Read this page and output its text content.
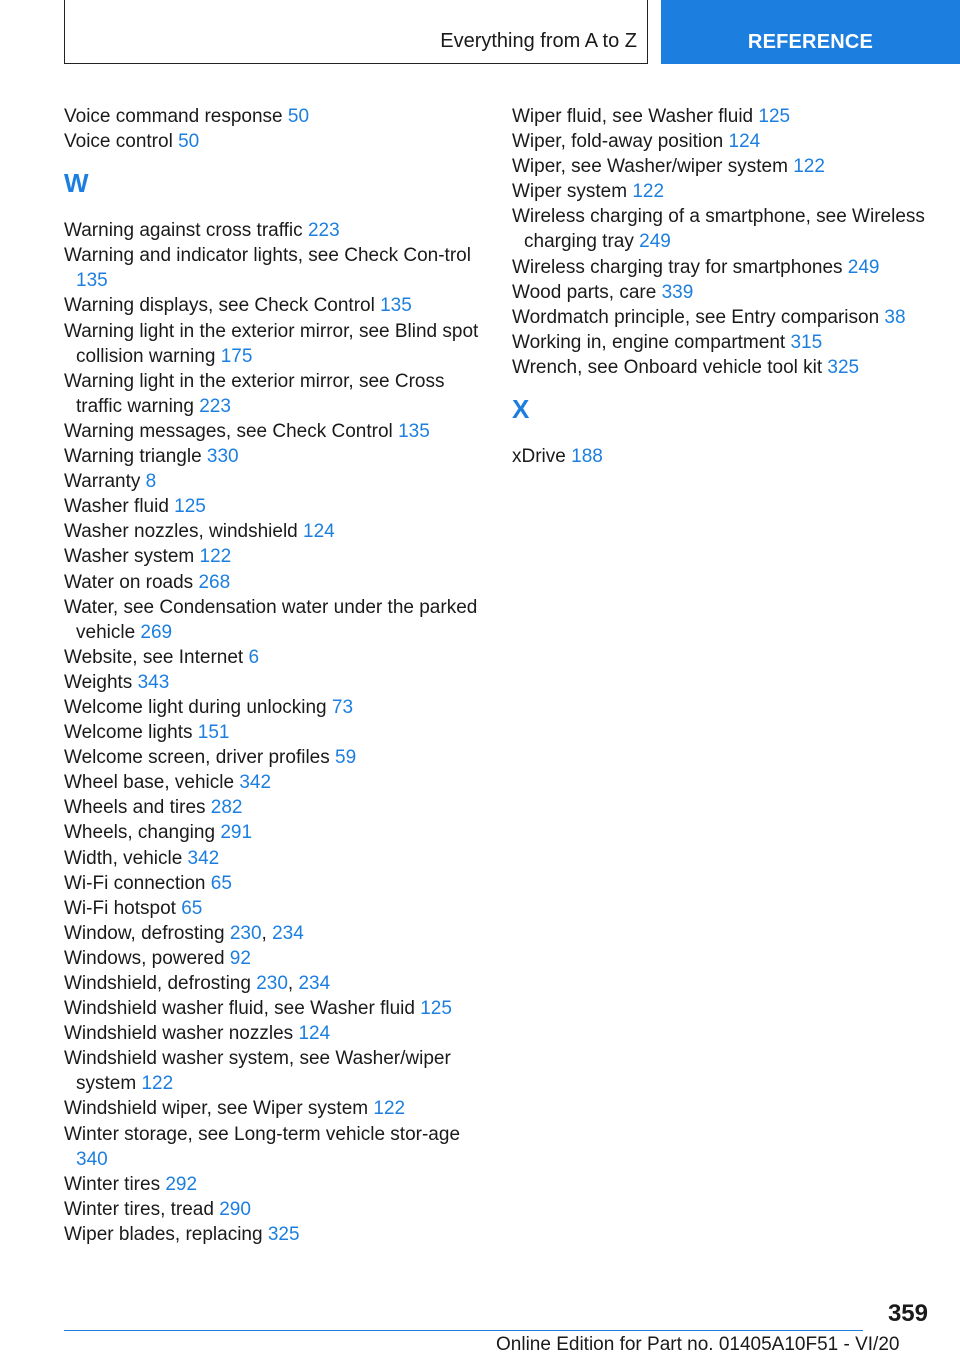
Everything from A to Z	REFERENCE

Voice command response 50

Voice control 50

W

Warning against cross traffic 223

Warning and indicator lights, see Check Con-trol 135

Warning displays, see Check Control 135

Warning light in the exterior mirror, see Blind spot collision warning 175

Warning light in the exterior mirror, see Cross traffic warning 223

Warning messages, see Check Control 135

Warning triangle 330

Warranty 8

Washer fluid 125

Washer nozzles, windshield 124

Washer system 122

Water on roads 268

Water, see Condensation water under the parked vehicle 269

Website, see Internet 6

Weights 343

Welcome light during unlocking 73

Welcome lights 151

Welcome screen, driver profiles 59

Wheel base, vehicle 342

Wheels and tires 282

Wheels, changing 291

Width, vehicle 342

Wi-Fi connection 65

Wi-Fi hotspot 65

Window, defrosting 230, 234

Windows, powered 92

Windshield, defrosting 230, 234

Windshield washer fluid, see Washer fluid 125

Windshield washer nozzles 124

Windshield washer system, see Washer/wiper system 122

Windshield wiper, see Wiper system 122

Winter storage, see Long-term vehicle stor-age 340

Winter tires 292

Winter tires, tread 290

Wiper blades, replacing 325

Wiper fluid, see Washer fluid 125

Wiper, fold-away position 124

Wiper, see Washer/wiper system 122

Wiper system 122

Wireless charging of a smartphone, see Wireless charging tray 249

Wireless charging tray for smartphones 249

Wood parts, care 339

Wordmatch principle, see Entry comparison 38

Working in, engine compartment 315

Wrench, see Onboard vehicle tool kit 325

X

xDrive 188

359
Online Edition for Part no. 01405A10F51 - VI/20
